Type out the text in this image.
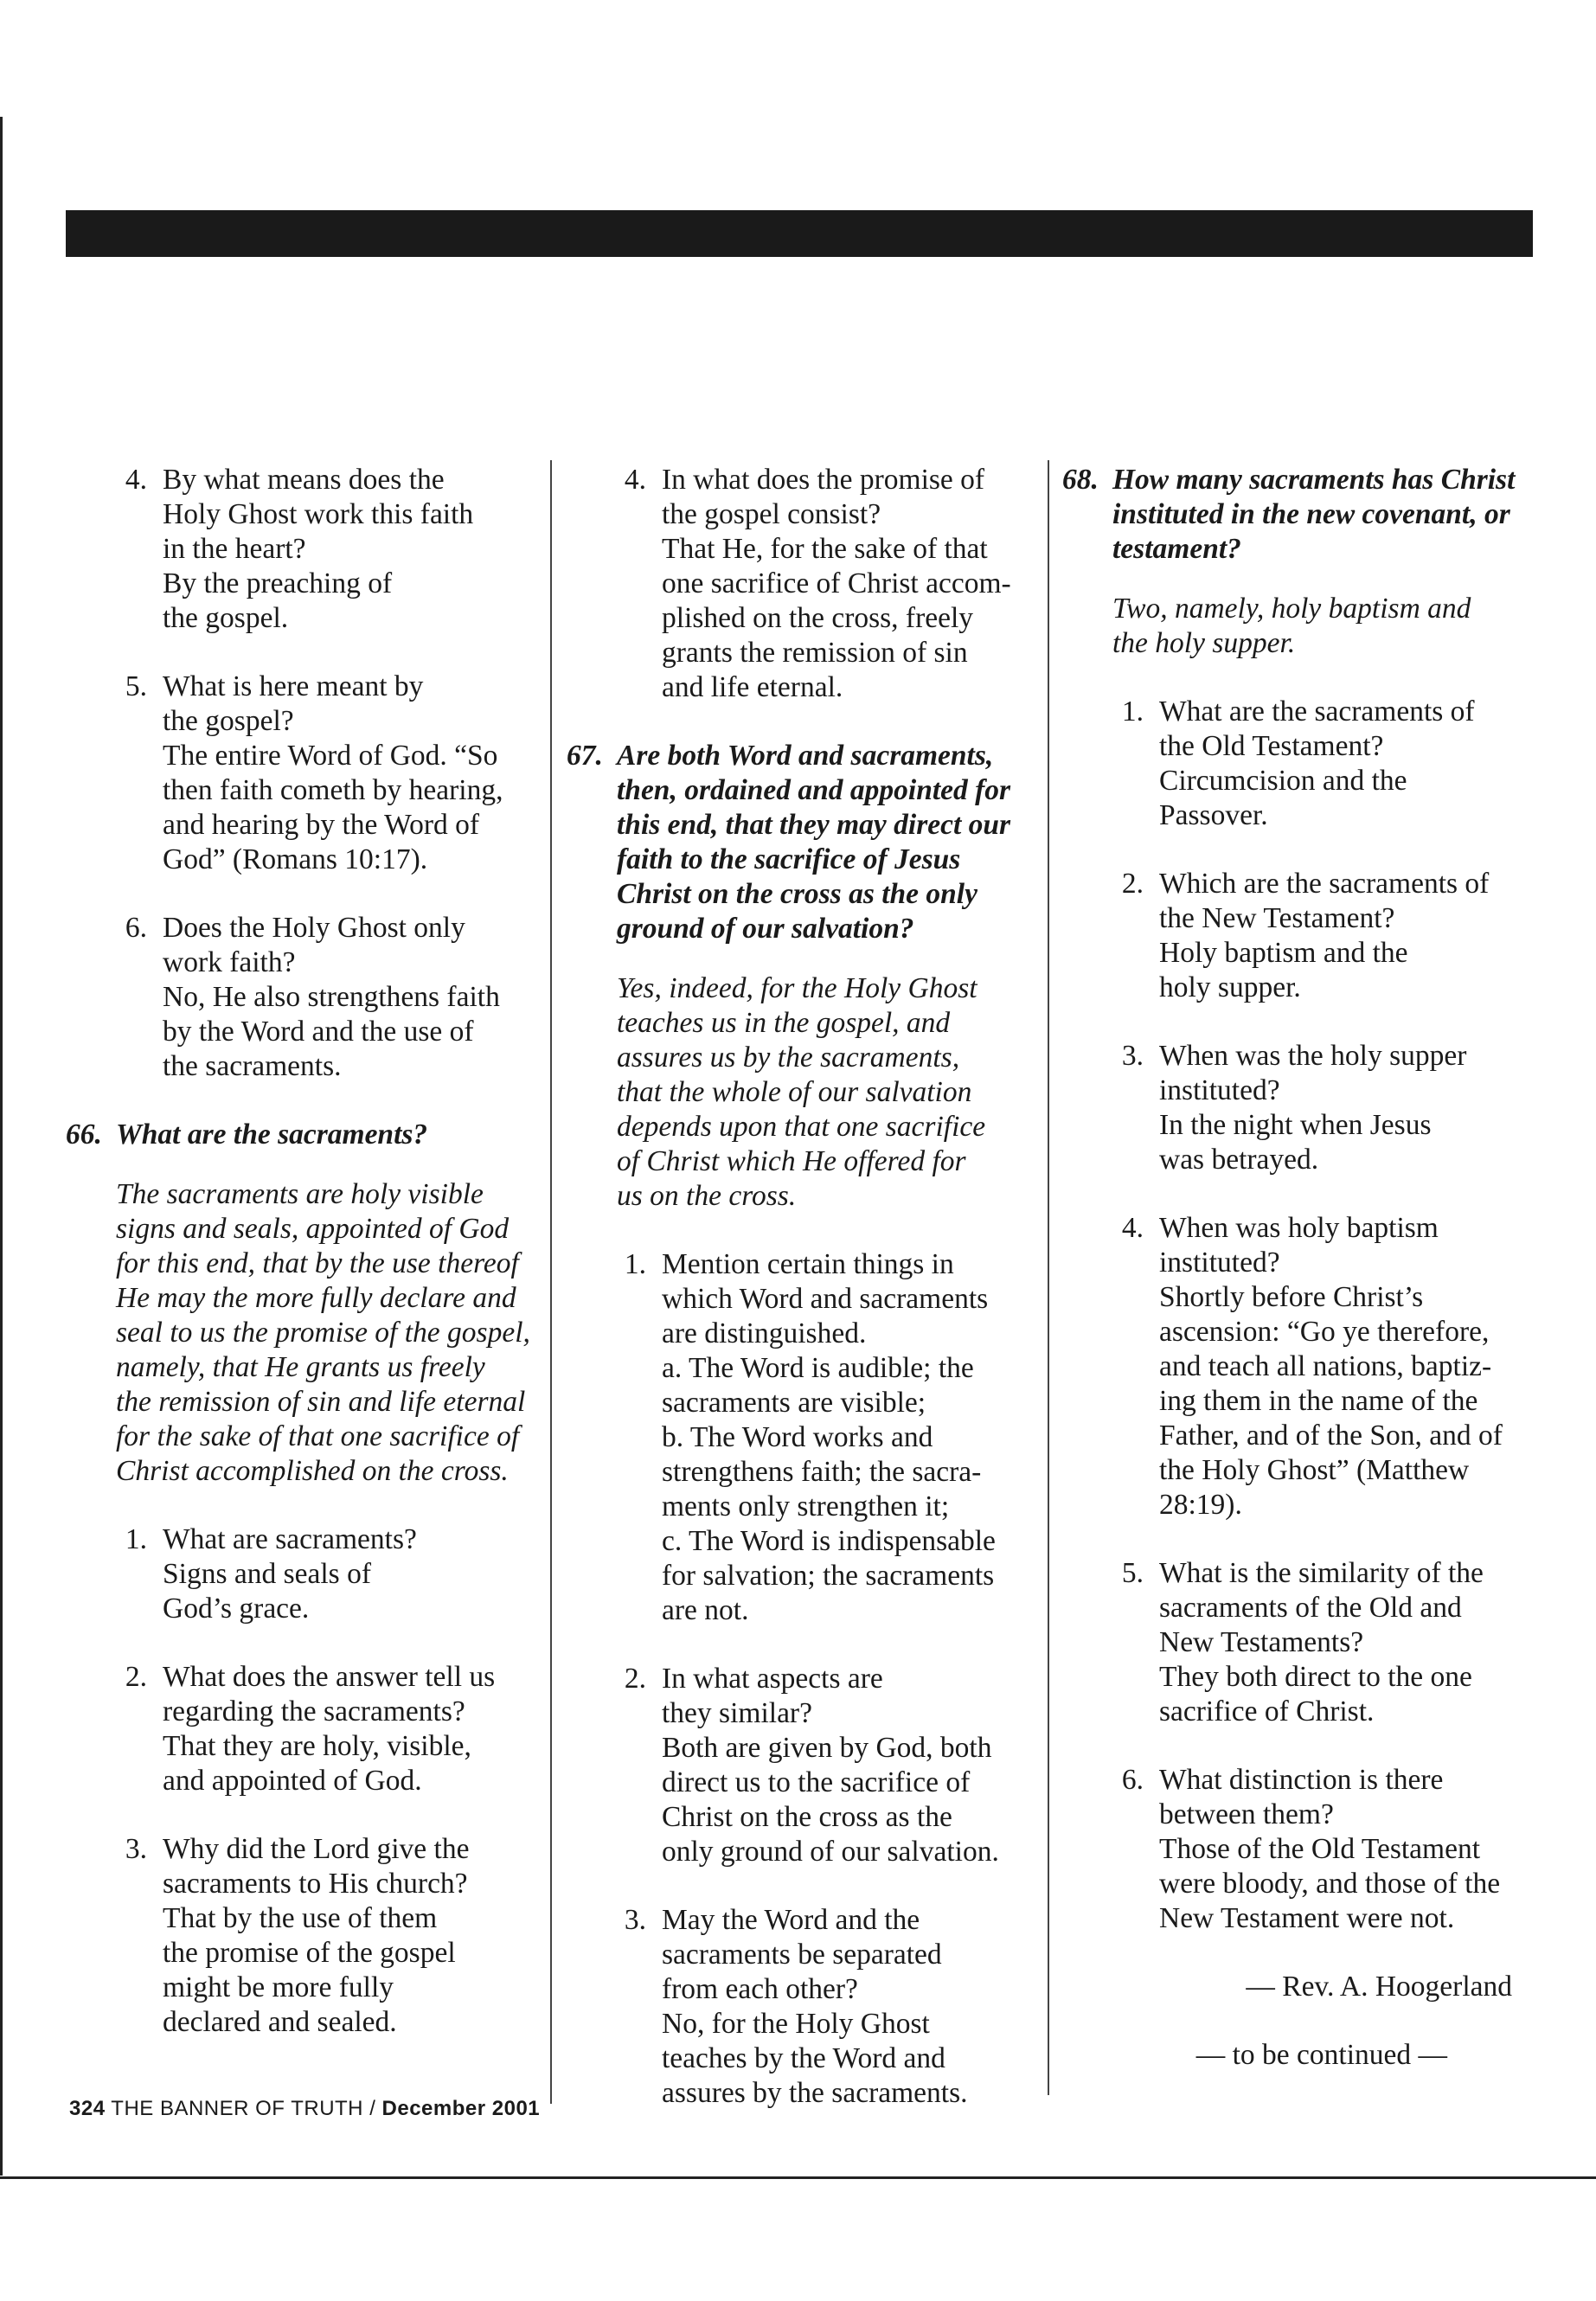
4. By what means does the
Holy Ghost work this faith
in the heart?
By the preaching of
the gospel.
5. What is here meant by
the gospel?
The entire Word of God. “So
then faith cometh by hearing,
and hearing by the Word of
God” (Romans 10:17).
6. Does the Holy Ghost only
work faith?
No, He also strengthens faith
by the Word and the use of
the sacraments.
66. What are the sacraments?
The sacraments are holy visible
signs and seals, appointed of God
for this end, that by the use thereof
He may the more fully declare and
seal to us the promise of the gospel,
namely, that He grants us freely
the remission of sin and life eternal
for the sake of that one sacrifice of
Christ accomplished on the cross.
1. What are sacraments?
Signs and seals of
God’s grace.
2. What does the answer tell us
regarding the sacraments?
That they are holy, visible,
and appointed of God.
3. Why did the Lord give the
sacraments to His church?
That by the use of them
the promise of the gospel
might be more fully
declared and sealed.
4. In what does the promise of
the gospel consist?
That He, for the sake of that
one sacrifice of Christ accom-
plished on the cross, freely
grants the remission of sin
and life eternal.
67. Are both Word and sacraments,
then, ordained and appointed for
this end, that they may direct our
faith to the sacrifice of Jesus
Christ on the cross as the only
ground of our salvation?
Yes, indeed, for the Holy Ghost
teaches us in the gospel, and
assures us by the sacraments,
that the whole of our salvation
depends upon that one sacrifice
of Christ which He offered for
us on the cross.
1. Mention certain things in
which Word and sacraments
are distinguished.
a. The Word is audible; the
sacraments are visible;
b. The Word works and
strengthens faith; the sacra-
ments only strengthen it;
c. The Word is indispensable
for salvation; the sacraments
are not.
2. In what aspects are
they similar?
Both are given by God, both
direct us to the sacrifice of
Christ on the cross as the
only ground of our salvation.
3. May the Word and the
sacraments be separated
from each other?
No, for the Holy Ghost
teaches by the Word and
assures by the sacraments.
68. How many sacraments has Christ
instituted in the new covenant, or
testament?
Two, namely, holy baptism and
the holy supper.
1. What are the sacraments of
the Old Testament?
Circumcision and the
Passover.
2. Which are the sacraments of
the New Testament?
Holy baptism and the
holy supper.
3. When was the holy supper
instituted?
In the night when Jesus
was betrayed.
4. When was holy baptism
instituted?
Shortly before Christ’s
ascension: “Go ye therefore,
and teach all nations, baptiz-
ing them in the name of the
Father, and of the Son, and of
the Holy Ghost” (Matthew
28:19).
5. What is the similarity of the
sacraments of the Old and
New Testaments?
They both direct to the one
sacrifice of Christ.
6. What distinction is there
between them?
Those of the Old Testament
were bloody, and those of the
New Testament were not.
— Rev. A. Hoogerland
— to be continued —
324 THE BANNER OF TRUTH / December 2001
